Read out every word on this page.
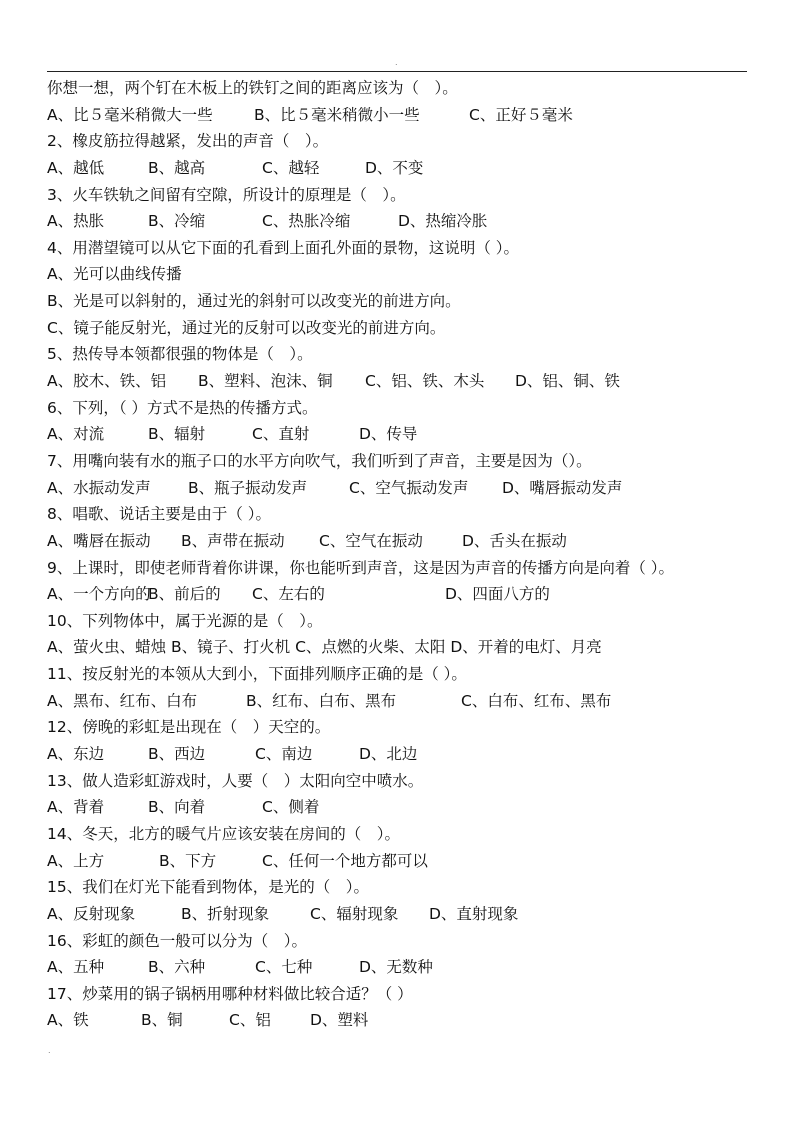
.
你想一想，两个钉在木板上的铁钉之间的距离应该为（　）。
A、比５毫米稍微大一些	B、比５毫米稍微小一些	C、正好５毫米
2、橡皮筋拉得越紧，发出的声音（　）。
A、越低	B、越高	C、越轻	D、不变
3、火车铁轨之间留有空隙，所设计的原理是（　）。
A、热胀	B、冷缩	C、热胀冷缩	D、热缩冷胀
4、用潜望镜可以从它下面的孔看到上面孔外面的景物，这说明（ ）。
A、光可以曲线传播
B、光是可以斜射的，通过光的斜射可以改变光的前进方向。
C、镜子能反射光，通过光的反射可以改变光的前进方向。
5、热传导本领都很强的物体是（　）。
A、胶木、铁、铝 B、塑料、泡沫、铜 C、铝、铁、木头 D、铝、铜、铁
6、下列，（ ）方式不是热的传播方式。
A、对流	B、辐射	C、直射	D、传导
7、用嘴向装有水的瓶子口的水平方向吹气，我们听到了声音，主要是因为（）。
A、水振动发声 B、瓶子振动发声	C、空气振动发声 D、嘴唇振动发声
8、唱歌、说话主要是由于（ ）。
A、嘴唇在振动 B、声带在振动 C、空气在振动	D、舌头在振动
9、上课时，即使老师背着你讲课，你也能听到声音，这是因为声音的传播方向是向着（ ）。
A、一个方向的
B、前后的 C、左右的	D、四面八方的
10、下列物体中，属于光源的是（　）。
A、萤火虫、蜡烛 B、镜子、打火机 C、点燃的火柴、太阳 D、开着的电灯、月亮
11、按反射光的本领从大到小，下面排列顺序正确的是（ ）。
A、黑布、红布、白布	B、红布、白布、黑布	C、白布、红布、黑布
12、傍晚的彩虹是出现在（　）天空的。
A、东边	B、西边	C、南边	D、北边
13、做人造彩虹游戏时，人要（　）太阳向空中喷水。
A、背着	B、向着	C、侧着
14、冬天，北方的暖气片应该安装在房间的（　）。
A、上方	B、下方	C、任何一个地方都可以
15、我们在灯光下能看到物体，是光的（　）。
A、反射现象	B、折射现象	C、辐射现象 D、直射现象
16、彩虹的颜色一般可以分为（　）。
A、五种	B、六种	C、七种	D、无数种
17、炒菜用的锅子锅柄用哪种材料做比较合适？（ ）
A、铁	B、铜	C、铝	D、塑料
.
